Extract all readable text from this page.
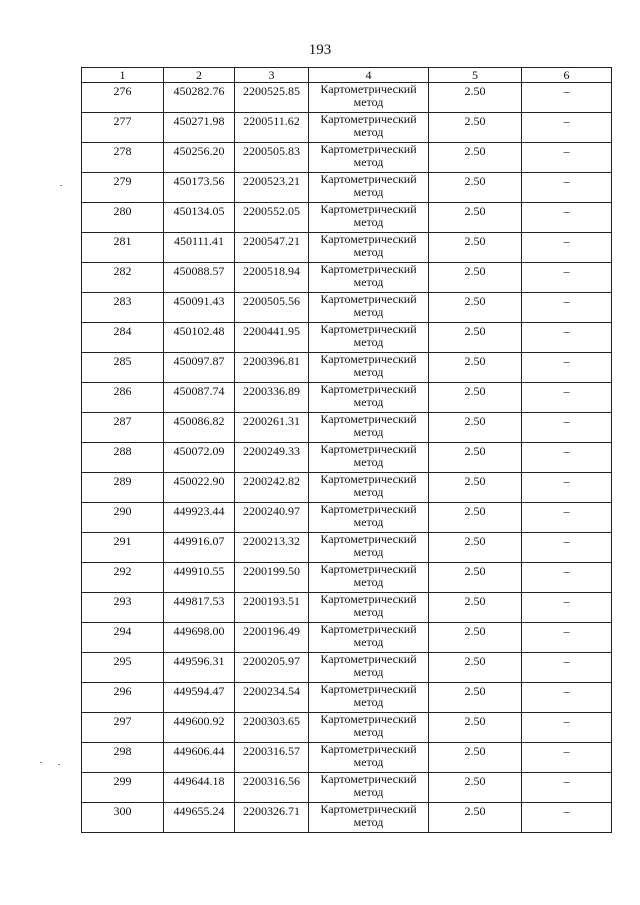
193
1	2	3	4	5	6

276	450282.76	2200525.85	Картометрический метод	2.50	–

277	450271.98	2200511.62	Картометрический метод	2.50	–

278	450256.20	2200505.83	Картометрический метод	2.50	–

279	450173.56	2200523.21	Картометрический метод	2.50	–

280	450134.05	2200552.05	Картометрический метод	2.50	–

281	450111.41	2200547.21	Картометрический метод	2.50	–

282	450088.57	2200518.94	Картометрический метод	2.50	–

283	450091.43	2200505.56	Картометрический метод	2.50	–

284	450102.48	2200441.95	Картометрический метод	2.50	–

285	450097.87	2200396.81	Картометрический метод	2.50	–

286	450087.74	2200336.89	Картометрический метод	2.50	–

287	450086.82	2200261.31	Картометрический метод	2.50	–

288	450072.09	2200249.33	Картометрический метод	2.50	–

289	450022.90	2200242.82	Картометрический метод	2.50	–

290	449923.44	2200240.97	Картометрический метод	2.50	–

291	449916.07	2200213.32	Картометрический метод	2.50	–

292	449910.55	2200199.50	Картометрический метод	2.50	–

293	449817.53	2200193.51	Картометрический метод	2.50	–

294	449698.00	2200196.49	Картометрический метод	2.50	–

295	449596.31	2200205.97	Картометрический метод	2.50	–

296	449594.47	2200234.54	Картометрический метод	2.50	–

297	449600.92	2200303.65	Картометрический метод	2.50	–

298	449606.44	2200316.57	Картометрический метод	2.50	–

299	449644.18	2200316.56	Картометрический метод	2.50	–

300	449655.24	2200326.71	Картометрический метод	2.50	–
